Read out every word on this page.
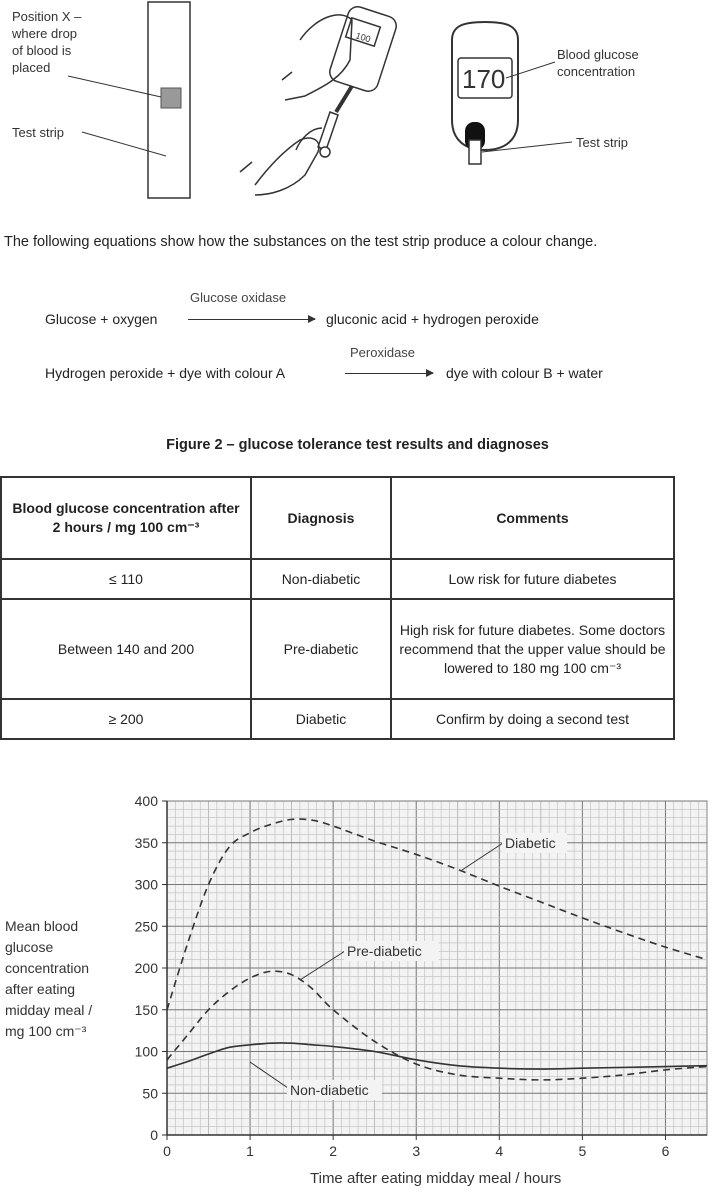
Position X –
where drop
of blood is
placed
Test strip
100
170
Blood glucose
concentration
Test strip
The following equations show how the substances on the test strip produce a colour change.
Glucose + oxygen
Glucose oxidase
gluconic acid + hydrogen peroxide
Hydrogen peroxide + dye with colour A
Peroxidase
dye with colour B + water
Figure 2 – glucose tolerance test results and diagnoses
Blood glucose concentration after 2 hours / mg 100 cm⁻³	Diagnosis	Comments
≤ 110	Non-diabetic	Low risk for future diabetes
Between 140 and 200	Pre-diabetic	High risk for future diabetes. Some doctors recommend that the upper value should be lowered to 180 mg 100 cm⁻³
≥ 200	Diabetic	Confirm by doing a second test
Mean blood glucose concentration after eating midday meal / mg 100 cm⁻³
0
50
100
150
200
250
300
350
400
0	1	2	3	4	5	6
Diabetic
Pre-diabetic
Non-diabetic
Time after eating midday meal / hours
